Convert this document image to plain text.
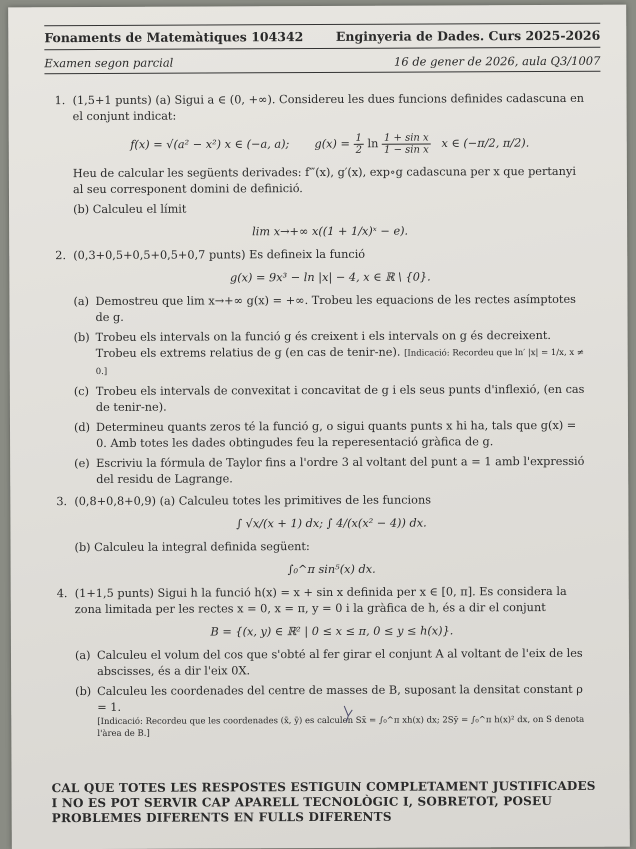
Fonaments de Matemàtiques 104342	Enginyeria de Dades. Curs 2025-2026
Examen segon parcial	16 de gener de 2026, aula Q3/1007
1. (1,5+1 punts) (a) Sigui a ∈ (0, +∞). Considereu les dues funcions definides cadascuna en el conjunt indicat:
f(x) = √(a² − x²) x ∈ (−a, a); $g(x) = \frac{1}{2}$ $\ln \frac{\text{1 + sin x}}{\text{1 − sin x}}$ x ∈ (−π/2, π/2).
Heu de calcular les següents derivades: f‴(x), g′(x), exp∘g cadascuna per x que pertanyi al seu corresponent domini de definició.
(b) Calculeu el límit
lim x→+∞ x((1 + 1/x)ˣ − e).
2. (0,3+0,5+0,5+0,5+0,7 punts) Es defineix la funció
g(x) = 9x³ − ln |x| − 4, x ∈ ℝ \ {0}.
(a) Demostreu que lim x→+∞ g(x) = +∞. Trobeu les equacions de les rectes asímptotes de g.
(b) Trobeu els intervals on la funció g és creixent i els intervals on g és decreixent. Trobeu els extrems relatius de g (en cas de tenir-ne). [Indicació: Recordeu que ln′ |x| = 1/x, x ≠ 0.]
(c) Trobeu els intervals de convexitat i concavitat de g i els seus punts d'inflexió, (en cas de tenir-ne).
(d) Determineu quants zeros té la funció g, o sigui quants punts x hi ha, tals que g(x) = 0. Amb totes les dades obtingudes feu la reperesentació gràfica de g.
(e) Escriviu la fórmula de Taylor fins a l'ordre 3 al voltant del punt a = 1 amb l'expressió del residu de Lagrange.
3. (0,8+0,8+0,9) (a) Calculeu totes les primitives de les funcions
∫ √x/(x + 1) dx; ∫ 4/(x(x² − 4)) dx.
(b) Calculeu la integral definida següent:
∫₀^π sin⁵(x) dx.
4. (1+1,5 punts) Sigui h la funció h(x) = x + sin x definida per x ∈ [0, π]. Es considera la zona limitada per les rectes x = 0, x = π, y = 0 i la gràfica de h, és a dir el conjunt
B = {(x, y) ∈ ℝ² | 0 ≤ x ≤ π, 0 ≤ y ≤ h(x)}.
(a) Calculeu el volum del cos que s'obté al fer girar el conjunt A al voltant de l'eix de les abscisses, és a dir l'eix 0X.
(b) Calculeu les coordenades del centre de masses de B, suposant la densitat constant ρ = 1.
[Indicació: Recordeu que les coordenades (x̄, ȳ) es calculen Sx̄ = ∫₀^π xh(x) dx; 2Sȳ = ∫₀^π h(x)² dx, on S denota l'àrea de B.]
CAL QUE TOTES LES RESPOSTES ESTIGUIN COMPLETAMENT JUSTIFICADES I NO ES POT SERVIR CAP APARELL TECNOLÒGIC I, SOBRETOT, POSEU PROBLEMES DIFERENTS EN FULLS DIFERENTS
